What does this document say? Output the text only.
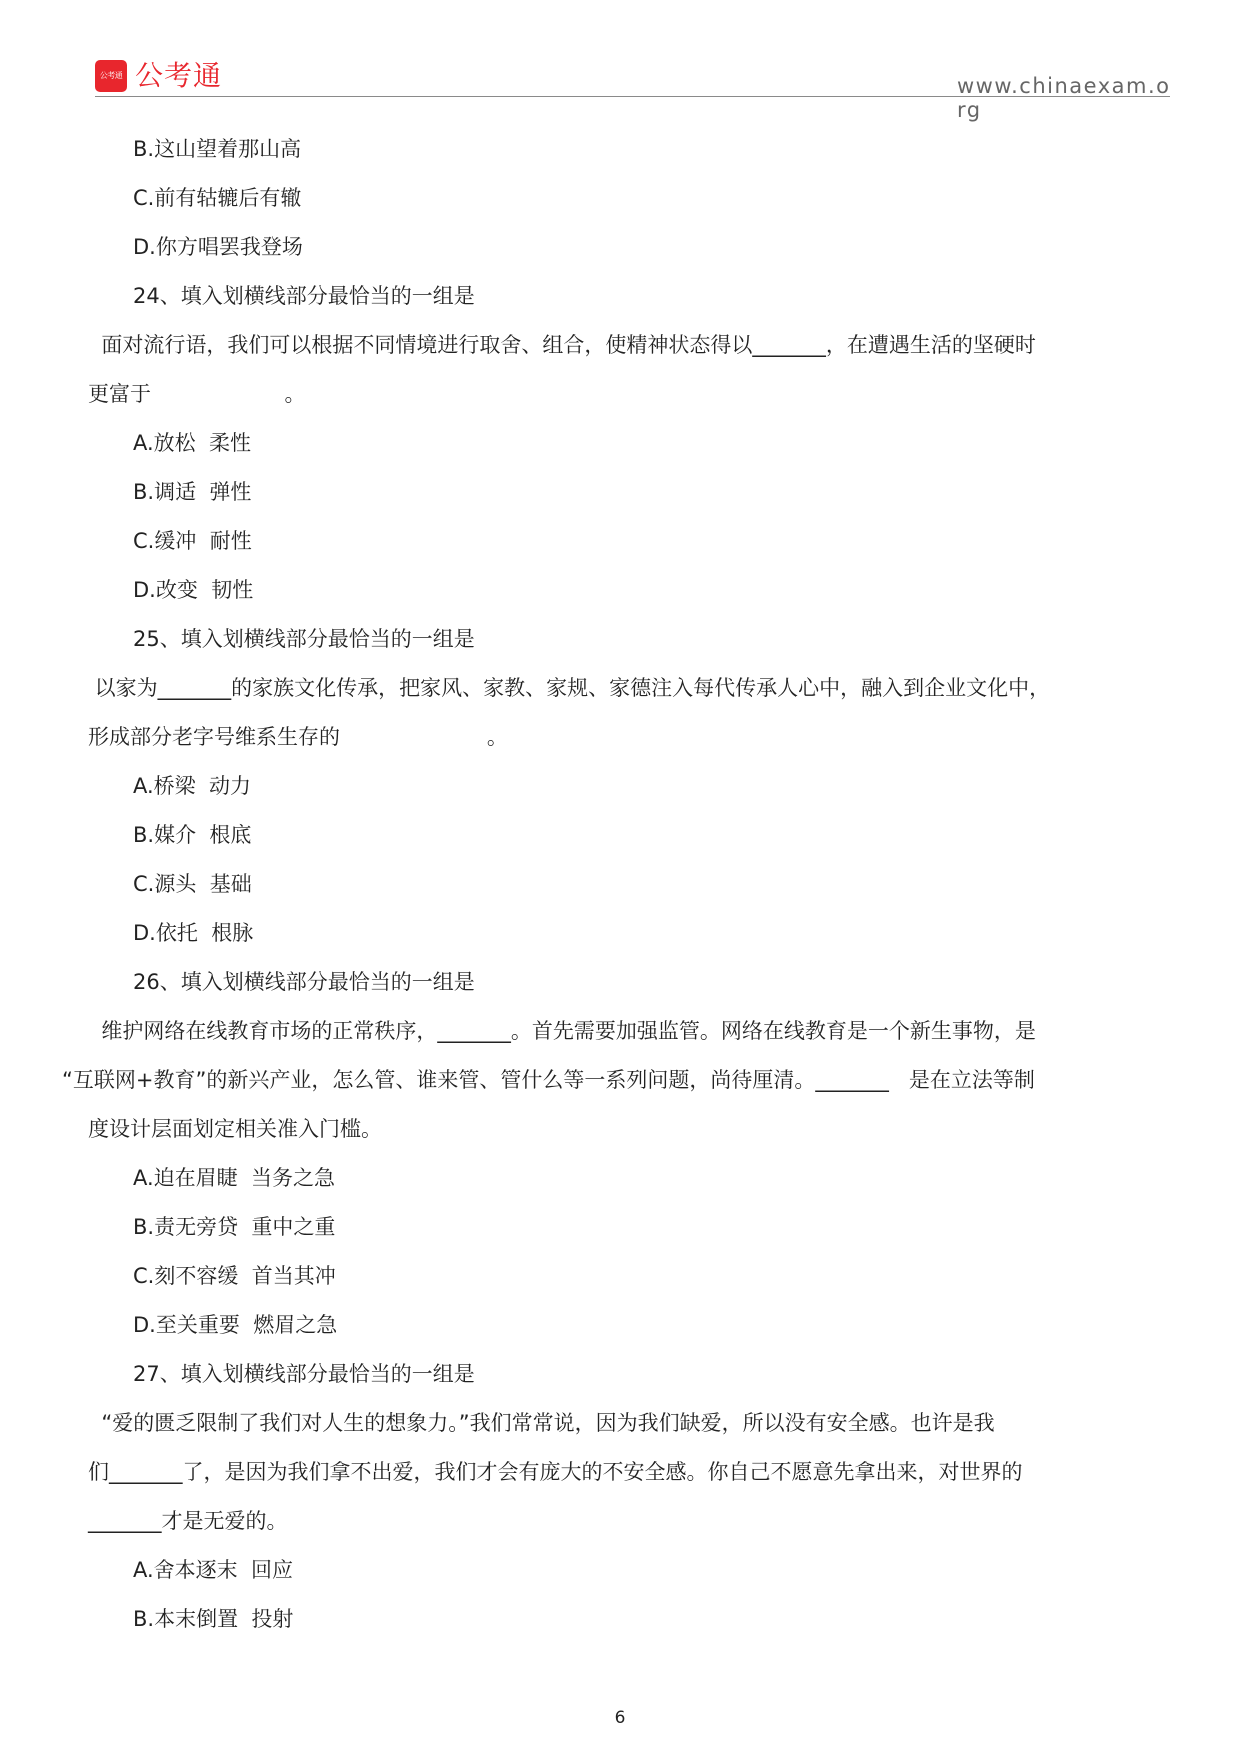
公考通 公考通	www.chinaexam.org
B.这山望着那山高
C.前有轱辘后有辙
D.你方唱罢我登场
24、填入划横线部分最恰当的一组是
面对流行语，我们可以根据不同情境进行取舍、组合，使精神状态得以_______，在遭遇生活的坚硬时
更富于                    。
A.放松  柔性
B.调适  弹性
C.缓冲  耐性
D.改变  韧性
25、填入划横线部分最恰当的一组是
以家为_______的家族文化传承，把家风、家教、家规、家德注入每代传承人心中，融入到企业文化中，
形成部分老字号维系生存的                      。
A.桥梁  动力
B.媒介  根底
C.源头  基础
D.依托  根脉
26、填入划横线部分最恰当的一组是
维护网络在线教育市场的正常秩序，_______。首先需要加强监管。网络在线教育是一个新生事物，是
“互联网+教育”的新兴产业，怎么管、谁来管、管什么等一系列问题，尚待厘清。_______   是在立法等制
度设计层面划定相关准入门槛。
A.迫在眉睫  当务之急
B.责无旁贷  重中之重
C.刻不容缓  首当其冲
D.至关重要  燃眉之急
27、填入划横线部分最恰当的一组是
“爱的匮乏限制了我们对人生的想象力。”我们常常说，因为我们缺爱，所以没有安全感。也许是我
们_______了，是因为我们拿不出爱，我们才会有庞大的不安全感。你自己不愿意先拿出来，对世界的
_______才是无爱的。
A.舍本逐末  回应
B.本末倒置  投射
6
